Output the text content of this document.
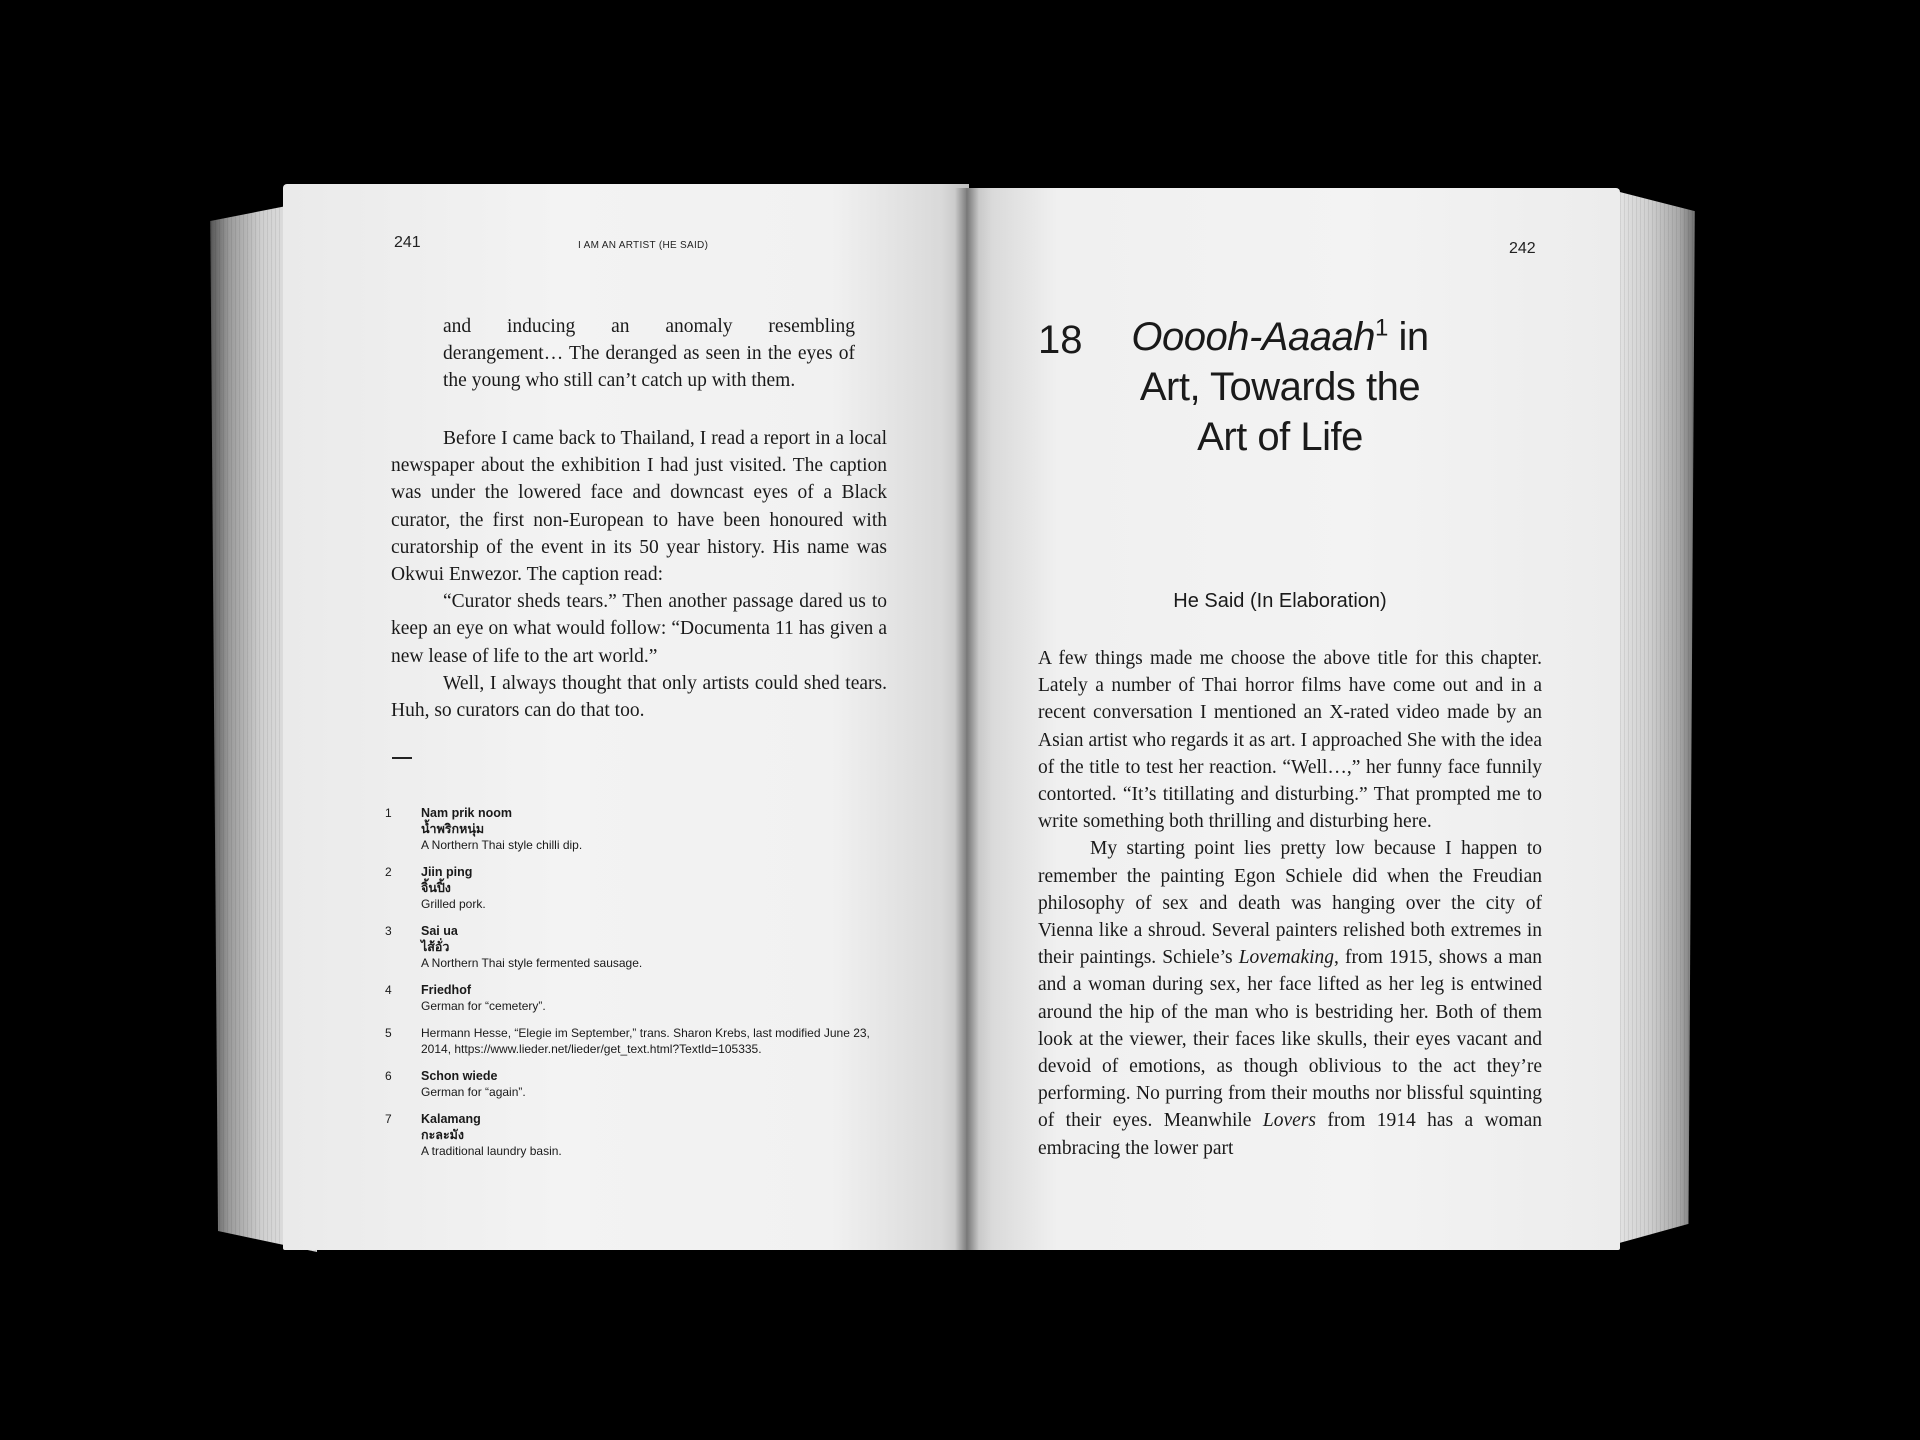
241	I AM AN ARTIST (HE SAID)

and inducing an anomaly resembling derangement… The deranged as seen in the eyes of the young who still can’t catch up with them.

Before I came back to Thailand, I read a report in a local newspaper about the exhibition I had just visited. The caption was under the lowered face and downcast eyes of a Black curator, the first non-European to have been honoured with curatorship of the event in its 50 year history. His name was Okwui Enwezor. The caption read:

“Curator sheds tears.” Then another passage dared us to keep an eye on what would follow: “Documenta 11 has given a new lease of life to the art world.”

Well, I always thought that only artists could shed tears. Huh, so curators can do that too.

1 Nam prik noom
น้ำพริกหนุ่ม
A Northern Thai style chilli dip.
2 Jiin ping
จิ้นปิ้ง
Grilled pork.
3 Sai ua
ไส้อั่ว
A Northern Thai style fermented sausage.
4 Friedhof
German for “cemetery”.
5 Hermann Hesse, “Elegie im September,” trans. Sharon Krebs, last modified June 23, 2014, https://www.lieder.net/lieder/get_text.html?TextId=105335.
6 Schon wiede
German for “again”.
7 Kalamang
กะละมัง
A traditional laundry basin.
242
18	Ooooh-Aaaah$^1$ in
Art, Towards the
Art of Life
He Said (In Elaboration)

A few things made me choose the above title for this chapter. Lately a number of Thai horror films have come out and in a recent conversation I mentioned an X-rated video made by an Asian artist who regards it as art. I approached She with the idea of the title to test her reaction. “Well…,” her funny face funnily contorted. “It’s titillating and disturbing.” That prompted me to write something both thrilling and disturbing here.

My starting point lies pretty low because I happen to remember the painting Egon Schiele did when the Freudian philosophy of sex and death was hanging over the city of Vienna like a shroud. Several painters relished both extremes in their paintings. Schiele’s Lovemaking, from 1915, shows a man and a woman during sex, her face lifted as her leg is entwined around the hip of the man who is bestriding her. Both of them look at the viewer, their faces like skulls, their eyes vacant and devoid of emotions, as though oblivious to the act they’re performing. No purring from their mouths nor blissful squinting of their eyes. Meanwhile Lovers from 1914 has a woman embracing the lower part
